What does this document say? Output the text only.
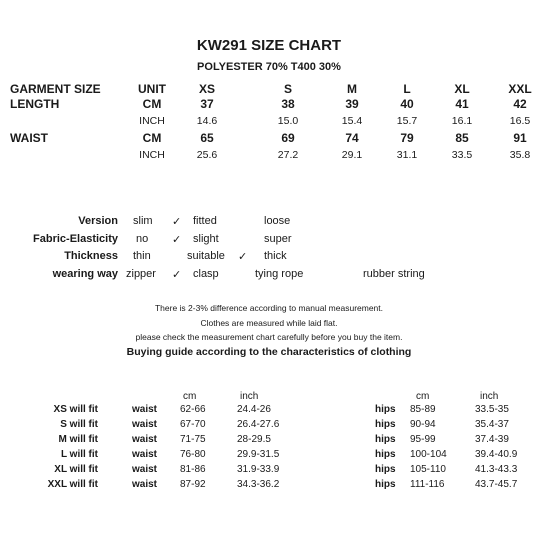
KW291 SIZE CHART
POLYESTER 70% T400 30%
GARMENT SIZE	UNIT	XS	S	M	L	XL	XXL
LENGTH	CM	37	38	39	40	41	42
INCH	14.6	15.0	15.4	15.7	16.1	16.5
WAIST	CM	65	69	74	79	85	91
INCH	25.6	27.2	29.1	31.1	33.5	35.8
Version slim ✓ fitted	loose
Fabric-Elasticity no ✓ slight	super
Thickness thin	suitable ✓ thick
wearing way zipper ✓ clasp	tying rope	rubber string
There is 2-3% difference according to manual measurement.
Clothes are measured while laid flat.
please check the measurement chart carefully before you buy the item.
Buying guide according to the characteristics of clothing
cm	inch	cm	inch
XS will fit	waist 62-66	24.4-26	hips 85-89	33.5-35
S will fit	waist 67-70	26.4-27.6	hips 90-94	35.4-37
M will fit	waist 71-75	28-29.5	hips 95-99	37.4-39
L will fit	waist 76-80	29.9-31.5	hips 100-104	39.4-40.9
XL will fit	waist 81-86	31.9-33.9	hips 105-110	41.3-43.3
XXL will fit	waist 87-92	34.3-36.2	hips 111-116	43.7-45.7
